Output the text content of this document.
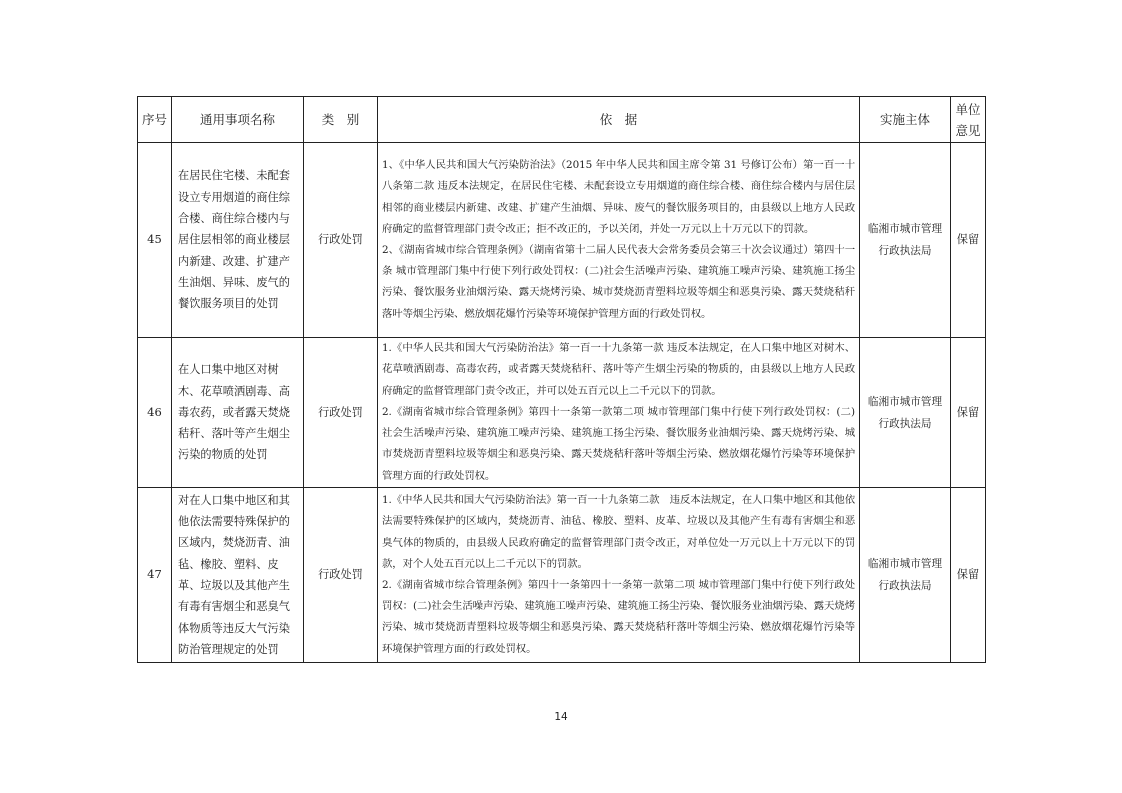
序号	通用事项名称	类　别	依　据	实施主体	单位
意见

45	在居民住宅楼、未配套设立专用烟道的商住综合楼、商住综合楼内与居住层相邻的商业楼层内新建、改建、扩建产生油烟、异味、废气的餐饮服务项目的处罚	行政处罚	1、《中华人民共和国大气污染防治法》（2015 年中华人民共和国主席令第 31 号修订公布）第一百一十八条第二款 违反本法规定，在居民住宅楼、未配套设立专用烟道的商住综合楼、商住综合楼内与居住层相邻的商业楼层内新建、改建、扩建产生油烟、异味、废气的餐饮服务项目的，由县级以上地方人民政府确定的监督管理部门责令改正；拒不改正的，予以关闭，并处一万元以上十万元以下的罚款。
2、《湖南省城市综合管理条例》（湖南省第十二届人民代表大会常务委员会第三十次会议通过）第四十一条 城市管理部门集中行使下列行政处罚权：(二)社会生活噪声污染、建筑施工噪声污染、建筑施工扬尘污染、餐饮服务业油烟污染、露天烧烤污染、城市焚烧沥青塑料垃圾等烟尘和恶臭污染、露天焚烧秸秆落叶等烟尘污染、燃放烟花爆竹污染等环境保护管理方面的行政处罚权。	临湘市城市管理
行政执法局	保留
46	在人口集中地区对树木、花草喷洒剧毒、高毒农药，或者露天焚烧秸秆、落叶等产生烟尘污染的物质的处罚	行政处罚	1.《中华人民共和国大气污染防治法》第一百一十九条第一款 违反本法规定，在人口集中地区对树木、花草喷洒剧毒、高毒农药，或者露天焚烧秸秆、落叶等产生烟尘污染的物质的，由县级以上地方人民政府确定的监督管理部门责令改正，并可以处五百元以上二千元以下的罚款。
2.《湖南省城市综合管理条例》第四十一条第一款第二项 城市管理部门集中行使下列行政处罚权：(二)社会生活噪声污染、建筑施工噪声污染、建筑施工扬尘污染、餐饮服务业油烟污染、露天烧烤污染、城市焚烧沥青塑料垃圾等烟尘和恶臭污染、露天焚烧秸秆落叶等烟尘污染、燃放烟花爆竹污染等环境保护管理方面的行政处罚权。	临湘市城市管理
行政执法局	保留
47	对在人口集中地区和其他依法需要特殊保护的区域内，焚烧沥青、油毡、橡胶、塑料、皮革、垃圾以及其他产生有毒有害烟尘和恶臭气体物质等违反大气污染防治管理规定的处罚	行政处罚	1.《中华人民共和国大气污染防治法》第一百一十九条第二款　违反本法规定，在人口集中地区和其他依法需要特殊保护的区域内，焚烧沥青、油毡、橡胶、塑料、皮革、垃圾以及其他产生有毒有害烟尘和恶臭气体的物质的，由县级人民政府确定的监督管理部门责令改正，对单位处一万元以上十万元以下的罚款，对个人处五百元以上二千元以下的罚款。
2.《湖南省城市综合管理条例》第四十一条第四十一条第一款第二项 城市管理部门集中行使下列行政处罚权：(二)社会生活噪声污染、建筑施工噪声污染、建筑施工扬尘污染、餐饮服务业油烟污染、露天烧烤污染、城市焚烧沥青塑料垃圾等烟尘和恶臭污染、露天焚烧秸秆落叶等烟尘污染、燃放烟花爆竹污染等环境保护管理方面的行政处罚权。	临湘市城市管理
行政执法局	保留
14
